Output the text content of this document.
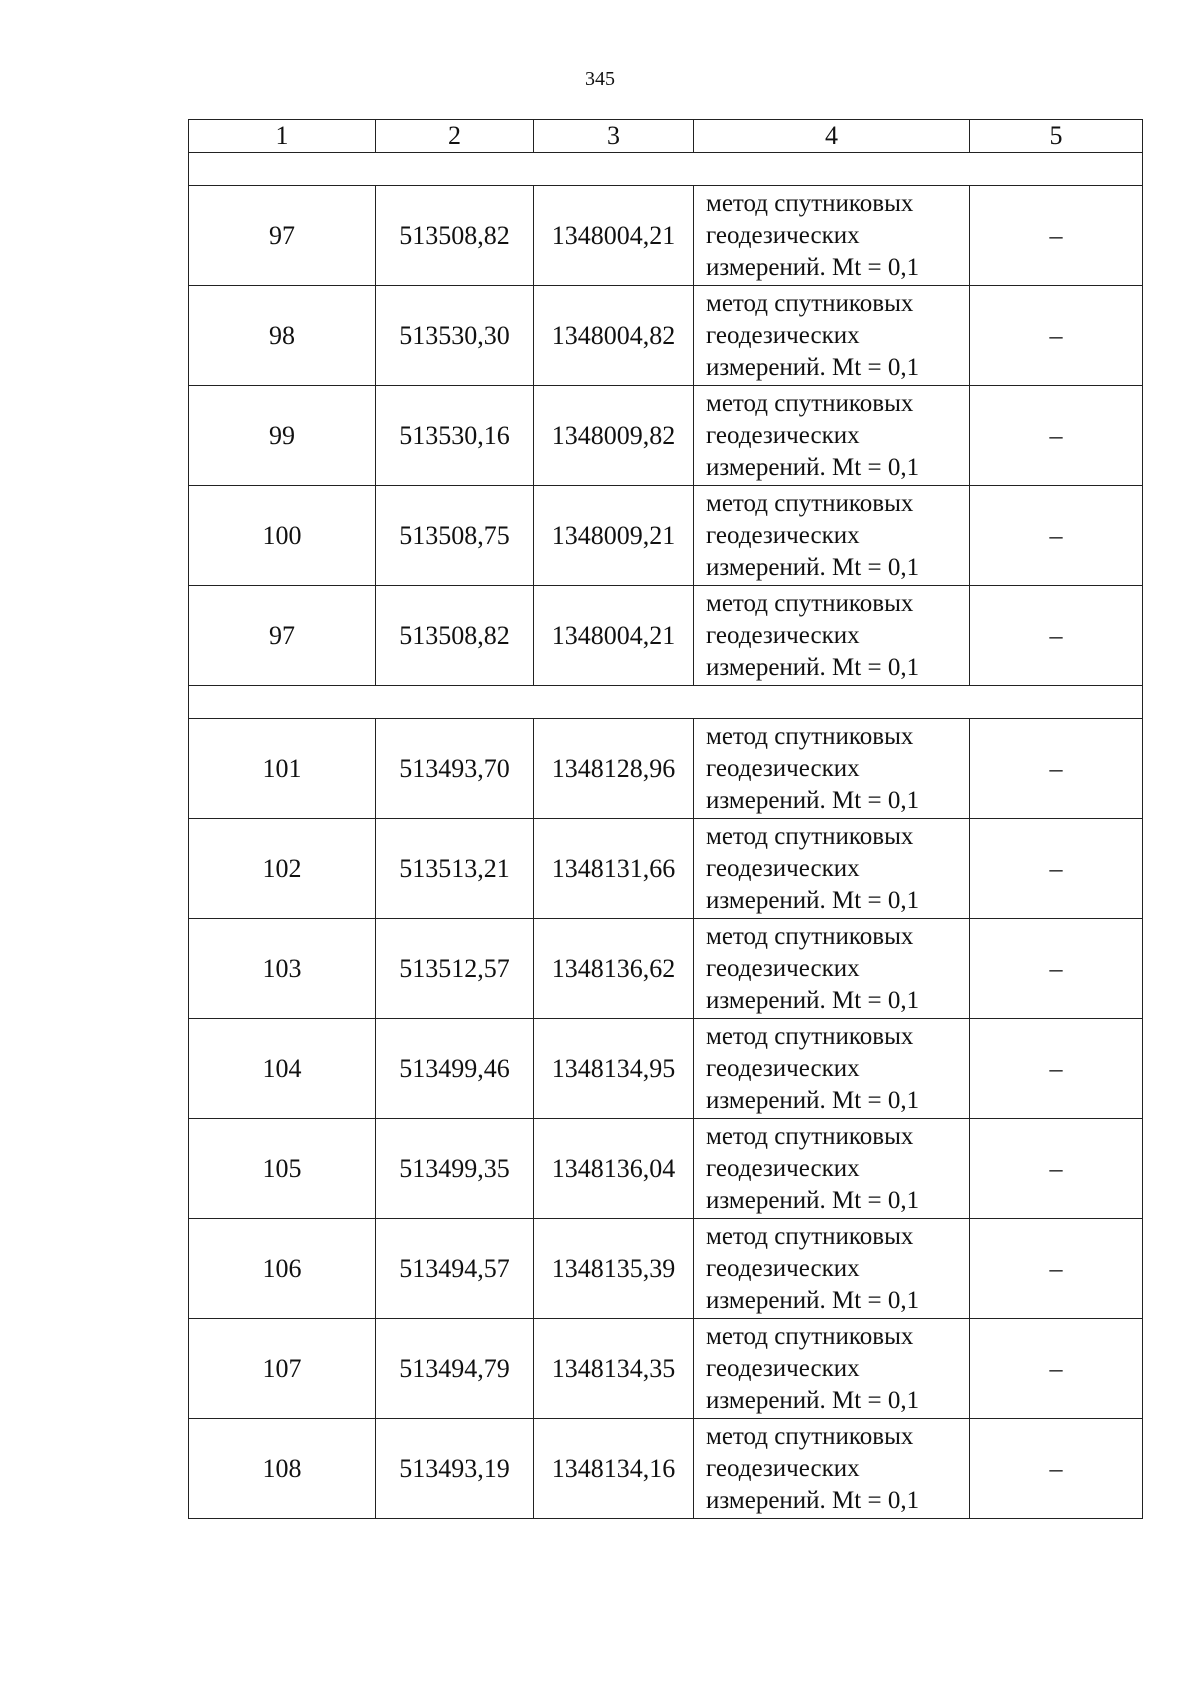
345
1	2	3	4	5

97	513508,82	1348004,21	метод спутниковых
геодезических
измерений. Mt = 0,1	–
98	513530,30	1348004,82	метод спутниковых
геодезических
измерений. Mt = 0,1	–
99	513530,16	1348009,82	метод спутниковых
геодезических
измерений. Mt = 0,1	–
100	513508,75	1348009,21	метод спутниковых
геодезических
измерений. Mt = 0,1	–
97	513508,82	1348004,21	метод спутниковых
геодезических
измерений. Mt = 0,1	–

101	513493,70	1348128,96	метод спутниковых
геодезических
измерений. Mt = 0,1	–
102	513513,21	1348131,66	метод спутниковых
геодезических
измерений. Mt = 0,1	–
103	513512,57	1348136,62	метод спутниковых
геодезических
измерений. Mt = 0,1	–
104	513499,46	1348134,95	метод спутниковых
геодезических
измерений. Mt = 0,1	–
105	513499,35	1348136,04	метод спутниковых
геодезических
измерений. Mt = 0,1	–
106	513494,57	1348135,39	метод спутниковых
геодезических
измерений. Mt = 0,1	–
107	513494,79	1348134,35	метод спутниковых
геодезических
измерений. Mt = 0,1	–
108	513493,19	1348134,16	метод спутниковых
геодезических
измерений. Mt = 0,1	–
